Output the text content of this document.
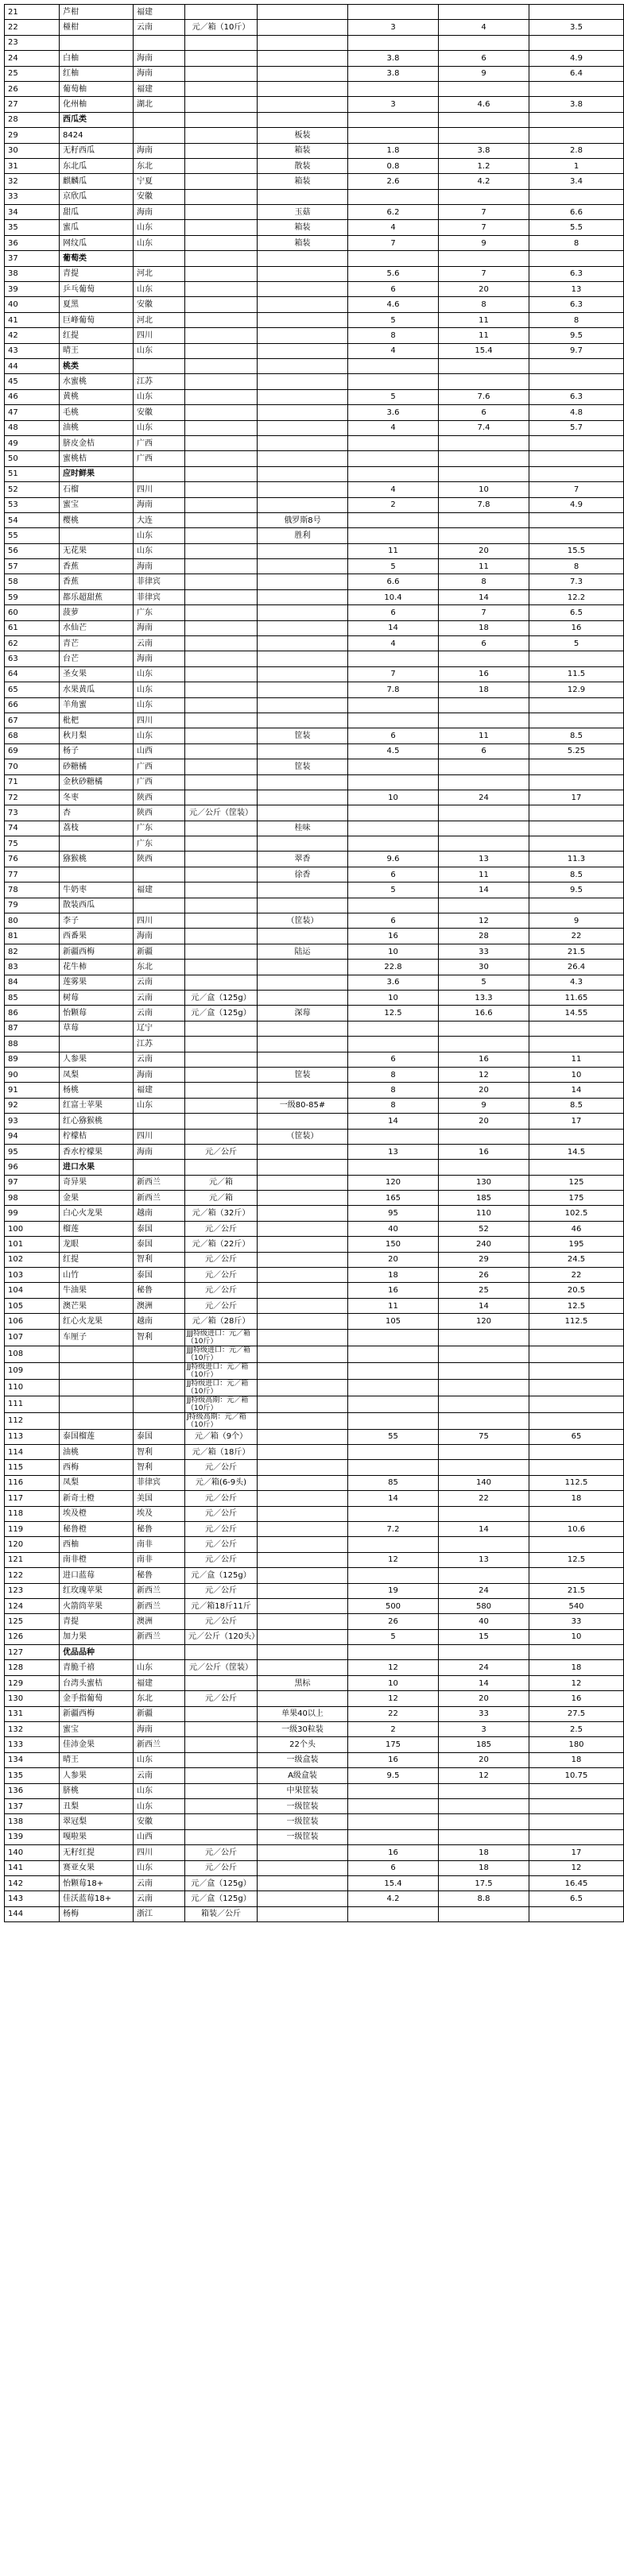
21	芦柑	福建					
22	椪柑	云南	元／箱（10斤）		3	4	3.5
23							
24	白柚	海南			3.8	6	4.9
25	红柚	海南			3.8	9	6.4
26	葡萄柚	福建					
27	化州柚	湖北			3	4.6	3.8
28	西瓜类						
29	8424			板装			
30	无籽西瓜	海南		箱装	1.8	3.8	2.8
31	东北瓜	东北		散装	0.8	1.2	1
32	麒麟瓜	宁夏		箱装	2.6	4.2	3.4
33	京欣瓜	安徽					
34	甜瓜	海南		玉菇	6.2	7	6.6
35	蜜瓜	山东		箱装	4	7	5.5
36	网纹瓜	山东		箱装	7	9	8
37	葡萄类						
38	青提	河北			5.6	7	6.3
39	乒乓葡萄	山东			6	20	13
40	夏黑	安徽			4.6	8	6.3
41	巨峰葡萄	河北			5	11	8
42	红提	四川			8	11	9.5
43	晴王	山东			4	15.4	9.7
44	桃类						
45	水蜜桃	江苏					
46	黄桃	山东			5	7.6	6.3
47	毛桃	安徽			3.6	6	4.8
48	油桃	山东			4	7.4	5.7
49	脐皮金桔	广西					
50	蜜桃桔	广西					
51	应时鲜果						
52	石榴	四川			4	10	7
53	蜜宝	海南			2	7.8	4.9
54	樱桃	大连		俄罗斯8号			
55		山东		胜利			
56	无花果	山东			11	20	15.5
57	香蕉	海南			5	11	8
58	香蕉	菲律宾			6.6	8	7.3
59	都乐超甜蕉	菲律宾			10.4	14	12.2
60	菠萝	广东			6	7	6.5
61	水仙芒	海南			14	18	16
62	青芒	云南			4	6	5
63	台芒	海南					
64	圣女果	山东			7	16	11.5
65	水果黄瓜	山东			7.8	18	12.9
66	羊角蜜	山东					
67	枇杷	四川					
68	秋月梨	山东		筐装	6	11	8.5
69	杨子	山西			4.5	6	5.25
70	砂糖橘	广西		筐装			
71	金秋砂糖橘	广西					
72	冬枣	陕西			10	24	17
73	杏	陕西	元／公斤（筐装）				
74	荔枝	广东		桂味			
75		广东					
76	猕猴桃	陕西		翠香	9.6	13	11.3
77				徐香	6	11	8.5
78	牛奶枣	福建			5	14	9.5
79	散装西瓜						
80	李子	四川		（筐装）	6	12	9
81	西番果	海南			16	28	22
82	新疆西梅	新疆		陆运	10	33	21.5
83	花牛柿	东北			22.8	30	26.4
84	莲雾果	云南			3.6	5	4.3
85	树莓	云南	元／盒（125g）		10	13.3	11.65
86	怡颗莓	云南	元／盒（125g）	深莓	12.5	16.6	14.55
87	草莓	辽宁					
88		江苏					
89	人参果	云南			6	16	11
90	凤梨	海南		筐装	8	12	10
91	杨桃	福建			8	20	14
92	红富士苹果	山东		一级80-85#	8	9	8.5
93	红心猕猴桃				14	20	17
94	柠檬桔	四川		（筐装）			
95	香水柠檬果	海南	元／公斤		13	16	14.5
96	进口水果						
97	奇异果	新西兰	元／箱		120	130	125
98	金果	新西兰	元／箱		165	185	175
99	白心火龙果	越南	元／箱（32斤）		95	110	102.5
100	榴莲	泰国	元／公斤		40	52	46
101	龙眼	泰国	元／箱（22斤）		150	240	195
102	红提	智利	元／公斤		20	29	24.5
103	山竹	泰国	元／公斤		18	26	22
104	牛油果	秘鲁	元／公斤		16	25	20.5
105	澳芒果	澳洲	元／公斤		11	14	12.5
106	红心火龙果	越南	元／箱（28斤）		105	120	112.5
107	车厘子	智利	JJJ特级进口：元／箱（10斤）				
108			JJJ特级进口：元／箱（10斤）				
109			JJ特级进口：元／箱（10斤）				
110			JJ特级进口：元／箱（10斤）				
111			JJ特级高期：元／箱（10斤）				
112			J特级高期：元／箱（10斤）				
113	泰国榴莲	泰国	元／箱（9个）		55	75	65
114	油桃	智利	元／箱（18斤）				
115	西梅	智利	元／公斤				
116	凤梨	菲律宾	元／箱(6-9头)		85	140	112.5
117	新奇士橙	美国	元／公斤		14	22	18
118	埃及橙	埃及	元／公斤				
119	秘鲁橙	秘鲁	元／公斤		7.2	14	10.6
120	西柚	南非	元／公斤				
121	南非橙	南非	元／公斤		12	13	12.5
122	进口蓝莓	秘鲁	元／盒（125g）				
123	红玫瑰苹果	新西兰	元／公斤		19	24	21.5
124	火箭筒苹果	新西兰	元／箱18斤11斤		500	580	540
125	青提	澳洲	元／公斤		26	40	33
126	加力果	新西兰	元／公斤（120头）		5	15	10
127	优品品种						
128	青脆千禧	山东	元／公斤（筐装）		12	24	18
129	台湾头蜜桔	福建		黑标	10	14	12
130	金手指葡萄	东北	元／公斤		12	20	16
131	新疆西梅	新疆		单果40以上	22	33	27.5
132	蜜宝	海南		一级30粒装	2	3	2.5
133	佳沛金果	新西兰		22个头	175	185	180
134	晴王	山东		一级盒装	16	20	18
135	人参果	云南		A级盒装	9.5	12	10.75
136	脐桃	山东		中果筐装			
137	丑梨	山东		一级筐装			
138	翠冠梨	安徽		一级筐装			
139	嘎啦果	山西		一级筐装			
140	无籽红提	四川	元／公斤		16	18	17
141	赛亚女果	山东	元／公斤		6	18	12
142	怡颗莓18+	云南	元／盒（125g）		15.4	17.5	16.45
143	佳沃蓝莓18+	云南	元／盒（125g）		4.2	8.8	6.5
144	杨梅	浙江	箱装／公斤				
